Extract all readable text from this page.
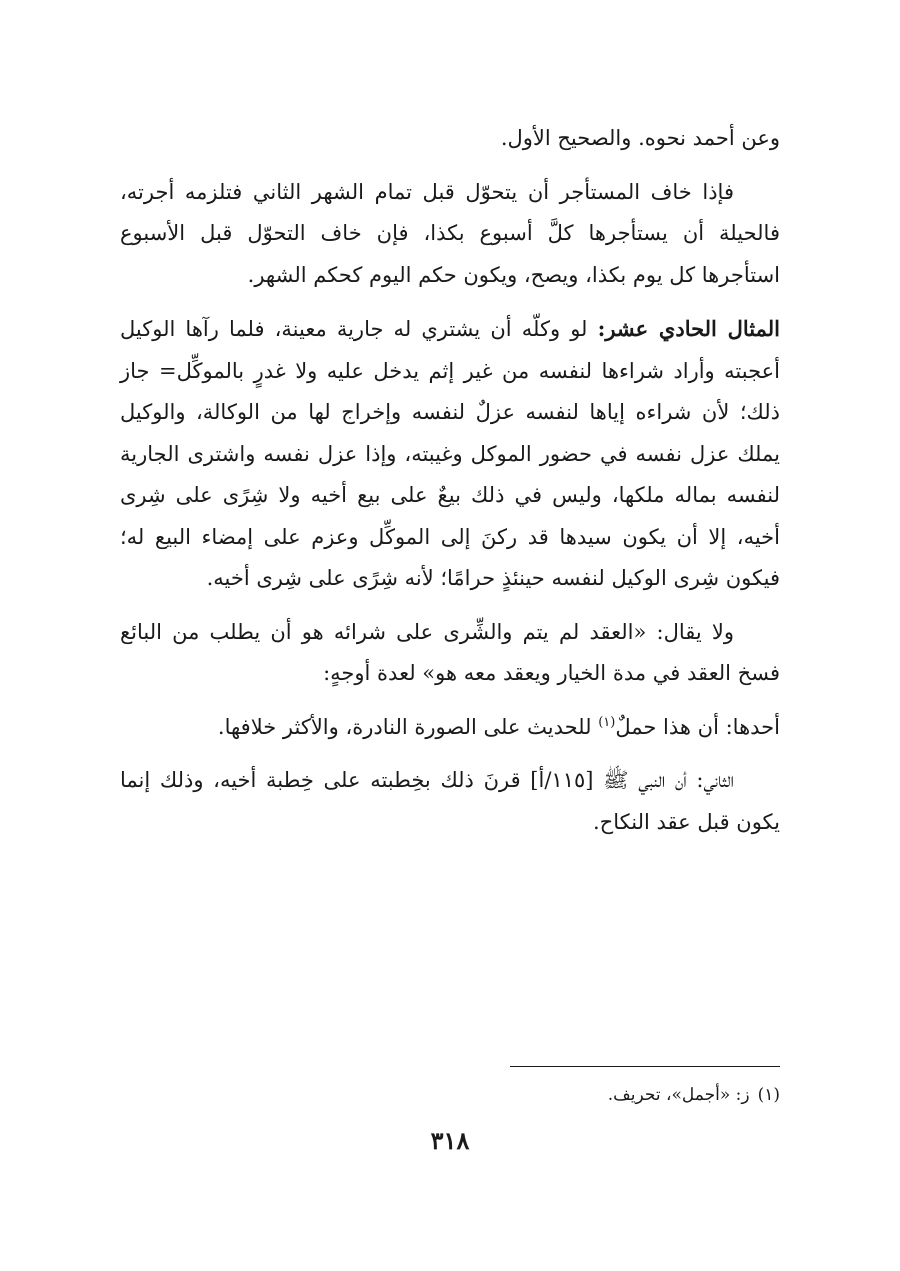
وعن أحمد نحوه. والصحيح الأول.

فإذا خاف المستأجر أن يتحوّل قبل تمام الشهر الثاني فتلزمه أجرته، فالحيلة أن يستأجرها كلَّ أسبوع بكذا، فإن خاف التحوّل قبل الأسبوع استأجرها كل يوم بكذا، ويصح، ويكون حكم اليوم كحكم الشهر.

المثال الحادي عشر: لو وكلّه أن يشتري له جارية معينة، فلما رآها الوكيل أعجبته وأراد شراءها لنفسه من غير إثم يدخل عليه ولا غدرٍ بالموكِّل= جاز ذلك؛ لأن شراءه إياها لنفسه عزلٌ لنفسه وإخراج لها من الوكالة، والوكيل يملك عزل نفسه في حضور الموكل وغيبته، وإذا عزل نفسه واشترى الجارية لنفسه بماله ملكها، وليس في ذلك بيعٌ على بيع أخيه ولا شِرًى على شِرى أخيه، إلا أن يكون سيدها قد ركنَ إلى الموكِّل وعزم على إمضاء البيع له؛ فيكون شِرى الوكيل لنفسه حينئذٍ حرامًا؛ لأنه شِرًى على شِرى أخيه.

ولا يقال: «العقد لم يتم والشِّرى على شرائه هو أن يطلب من البائع فسخ العقد في مدة الخيار ويعقد معه هو» لعدة أوجهٍ:

أحدها: أن هذا حملٌ$^{(١)}$ للحديث على الصورة النادرة، والأكثر خلافها.

الثاني: أن النبي ﷺ [١١٥/أ] قرنَ ذلك بخِطبته على خِطبة أخيه، وذلك إنما يكون قبل عقد النكاح.

(١)ز: «أجمل»، تحريف.
٣١٨
